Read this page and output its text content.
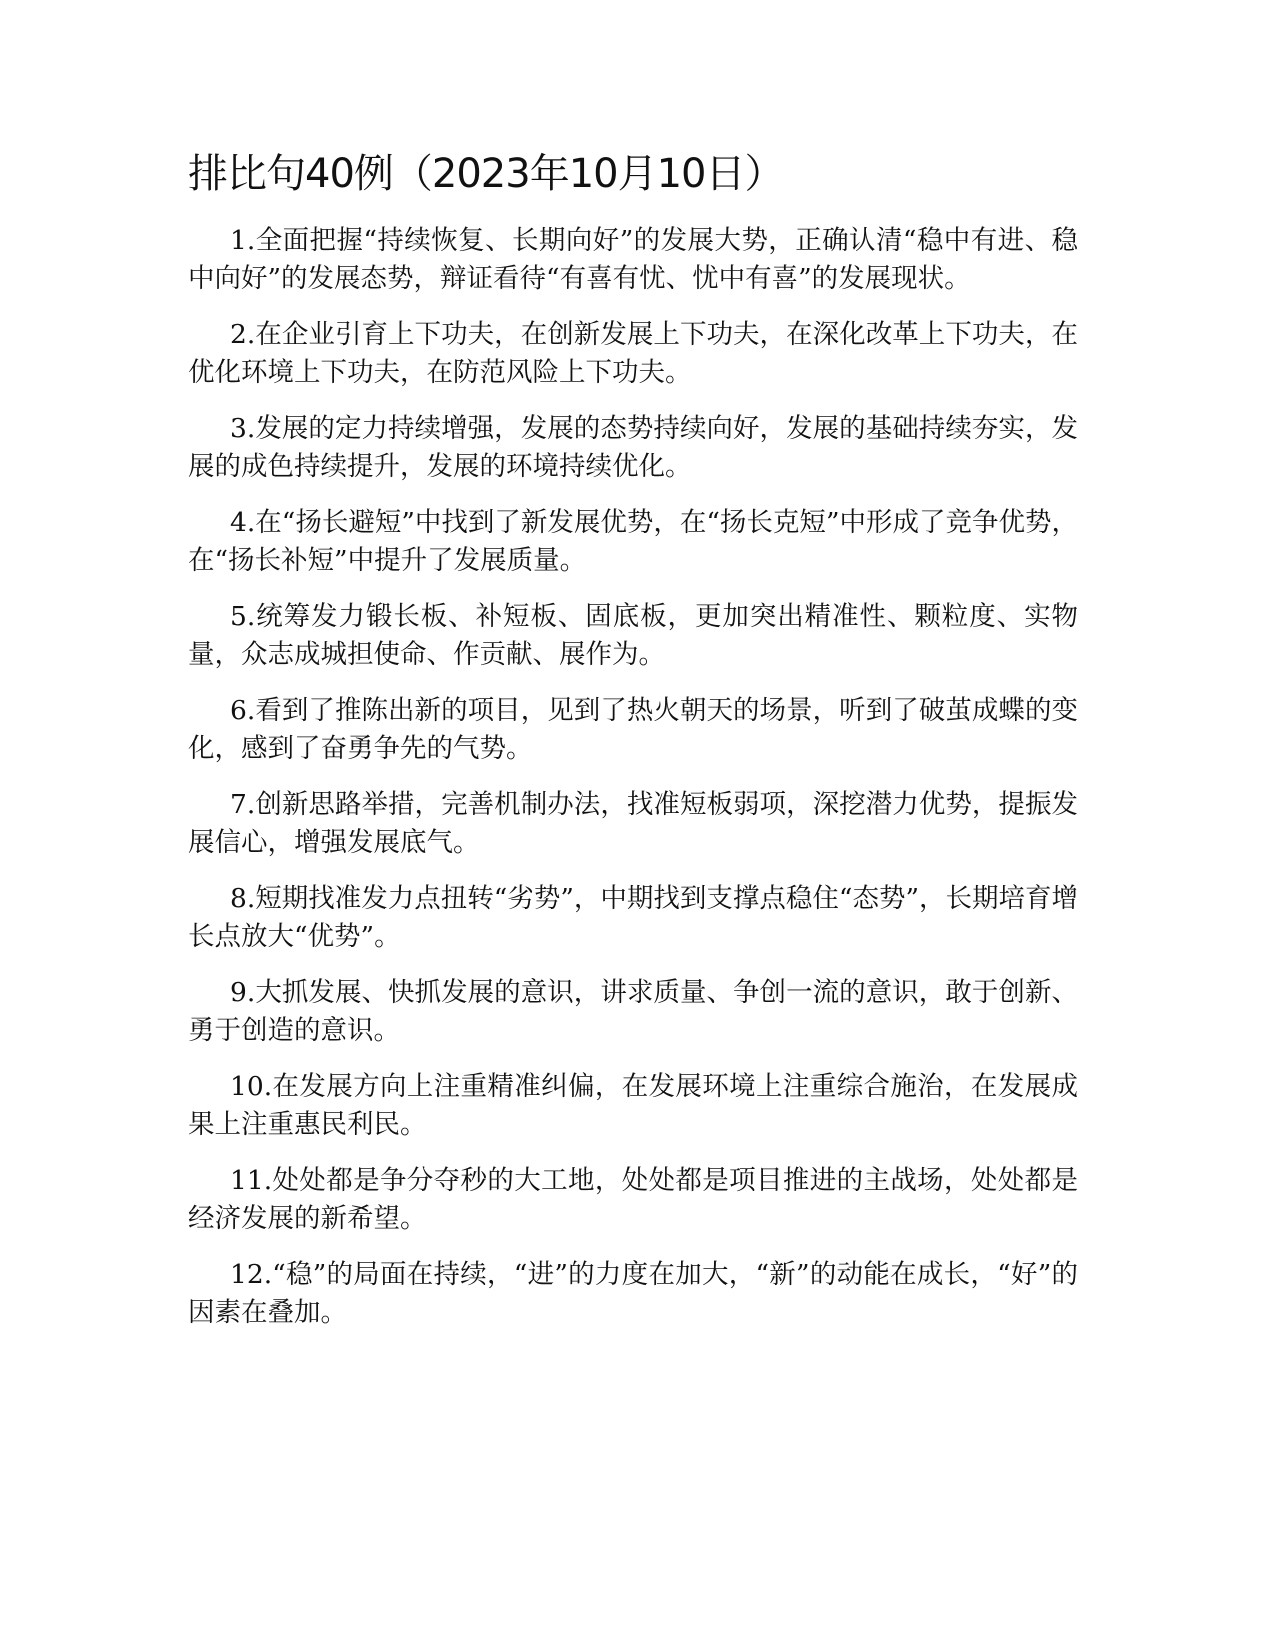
排比句40例（2023年10月10日）

1.全面把握“持续恢复、长期向好”的发展大势，正确认清“稳中有进、稳中向好”的发展态势，辩证看待“有喜有忧、忧中有喜”的发展现状。

2.在企业引育上下功夫，在创新发展上下功夫，在深化改革上下功夫，在优化环境上下功夫，在防范风险上下功夫。

3.发展的定力持续增强，发展的态势持续向好，发展的基础持续夯实，发展的成色持续提升，发展的环境持续优化。

4.在“扬长避短”中找到了新发展优势，在“扬长克短”中形成了竞争优势，在“扬长补短”中提升了发展质量。

5.统筹发力锻长板、补短板、固底板，更加突出精准性、颗粒度、实物量，众志成城担使命、作贡献、展作为。

6.看到了推陈出新的项目，见到了热火朝天的场景，听到了破茧成蝶的变化，感到了奋勇争先的气势。

7.创新思路举措，完善机制办法，找准短板弱项，深挖潜力优势，提振发展信心，增强发展底气。

8.短期找准发力点扭转“劣势”，中期找到支撑点稳住“态势”，长期培育增长点放大“优势”。

9.大抓发展、快抓发展的意识，讲求质量、争创一流的意识，敢于创新、勇于创造的意识。

10.在发展方向上注重精准纠偏，在发展环境上注重综合施治，在发展成果上注重惠民利民。

11.处处都是争分夺秒的大工地，处处都是项目推进的主战场，处处都是经济发展的新希望。

12.“稳”的局面在持续，“进”的力度在加大，“新”的动能在成长，“好”的因素在叠加。
